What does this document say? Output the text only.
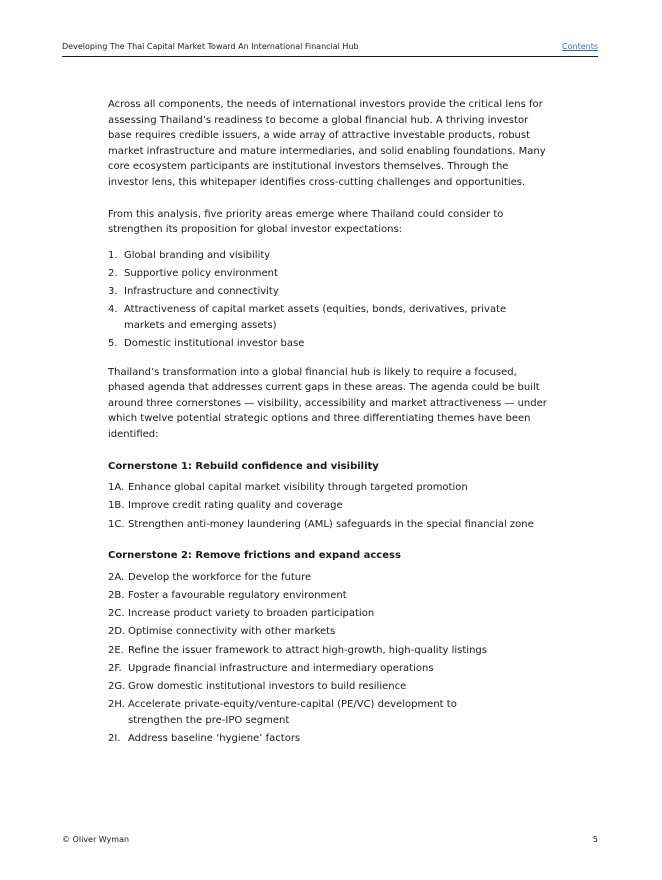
Developing The Thai Capital Market Toward An International Financial Hub	Contents

Across all components, the needs of international investors provide the critical lens for assessing Thailand’s readiness to become a global financial hub. A thriving investor base requires credible issuers, a wide array of attractive investable products, robust market infrastructure and mature intermediaries, and solid enabling foundations. Many core ecosystem participants are institutional investors themselves. Through the investor lens, this whitepaper identifies cross-cutting challenges and opportunities.

From this analysis, five priority areas emerge where Thailand could consider to strengthen its proposition for global investor expectations:

1. Global branding and visibility
2. Supportive policy environment
3. Infrastructure and connectivity
4. Attractiveness of capital market assets (equities, bonds, derivatives, private markets and emerging assets)
5. Domestic institutional investor base

Thailand’s transformation into a global financial hub is likely to require a focused, phased agenda that addresses current gaps in these areas. The agenda could be built around three cornerstones — visibility, accessibility and market attractiveness — under which twelve potential strategic options and three differentiating themes have been identified:

Cornerstone 1: Rebuild confidence and visibility
1A. Enhance global capital market visibility through targeted promotion
1B. Improve credit rating quality and coverage
1C. Strengthen anti-money laundering (AML) safeguards in the special financial zone
Cornerstone 2: Remove frictions and expand access
2A. Develop the workforce for the future
2B. Foster a favourable regulatory environment
2C. Increase product variety to broaden participation
2D. Optimise connectivity with other markets
2E. Refine the issuer framework to attract high-growth, high-quality listings
2F. Upgrade financial infrastructure and intermediary operations
2G. Grow domestic institutional investors to build resilience
2H. Accelerate private-equity/venture-capital (PE/VC) development to strengthen the pre-IPO segment
2I. Address baseline ‘hygiene’ factors
© Oliver Wyman	5
